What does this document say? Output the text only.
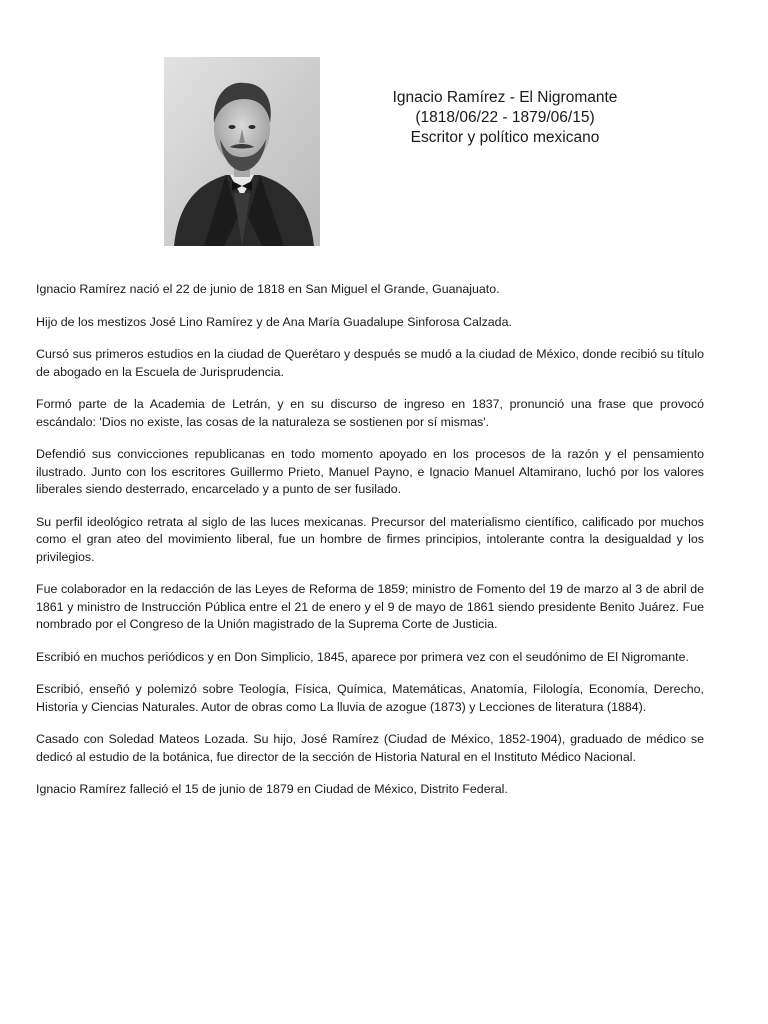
Ignacio Ramírez - El Nigromante
(1818/06/22 - 1879/06/15)
Escritor y político mexicano

Ignacio Ramírez nació el 22 de junio de 1818 en San Miguel el Grande, Guanajuato.

Hijo de los mestizos José Lino Ramírez y de Ana María Guadalupe Sinforosa Calzada.

Cursó sus primeros estudios en la ciudad de Querétaro y después se mudó a la ciudad de México, donde recibió su título de abogado en la Escuela de Jurisprudencia.

Formó parte de la Academia de Letrán, y en su discurso de ingreso en 1837, pronunció una frase que provocó escándalo: 'Dios no existe, las cosas de la naturaleza se sostienen por sí mismas'.

Defendió sus convicciones republicanas en todo momento apoyado en los procesos de la razón y el pensamiento ilustrado. Junto con los escritores Guillermo Prieto, Manuel Payno, e Ignacio Manuel Altamirano, luchó por los valores liberales siendo desterrado, encarcelado y a punto de ser fusilado.

Su perfil ideológico retrata al siglo de las luces mexicanas. Precursor del materialismo científico, calificado por muchos como el gran ateo del movimiento liberal, fue un hombre de firmes principios, intolerante contra la desigualdad y los privilegios.

Fue colaborador en la redacción de las Leyes de Reforma de 1859; ministro de Fomento del 19 de marzo al 3 de abril de 1861 y ministro de Instrucción Pública entre el 21 de enero y el 9 de mayo de 1861 siendo presidente Benito Juárez. Fue nombrado por el Congreso de la Unión magistrado de la Suprema Corte de Justicia.

Escribió en muchos periódicos y en Don Simplicio, 1845, aparece por primera vez con el seudónimo de El Nigromante.

Escribió, enseñó y polemizó sobre Teología, Física, Química, Matemáticas, Anatomía, Filología, Economía, Derecho, Historia y Ciencias Naturales. Autor de obras como La lluvia de azogue (1873) y Lecciones de literatura (1884).

Casado con Soledad Mateos Lozada. Su hijo, José Ramírez (Ciudad de México, 1852-1904), graduado de médico se dedicó al estudio de la botánica, fue director de la sección de Historia Natural en el Instituto Médico Nacional.

Ignacio Ramírez falleció el 15 de junio de 1879 en Ciudad de México, Distrito Federal.
